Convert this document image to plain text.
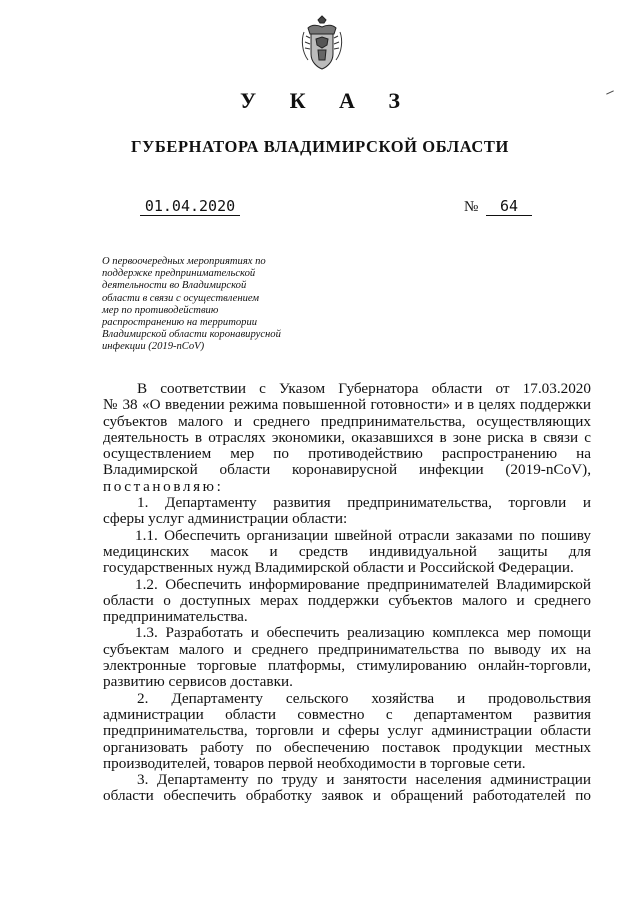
У К А З
ГУБЕРНАТОРА ВЛАДИМИРСКОЙ ОБЛАСТИ
01.04.2020	№ 64
О первоочередных мероприятиях по
поддержке предпринимательской
деятельности во Владимирской
области в связи с осуществлением
мер по противодействию
распространению на территории
Владимирской области коронавирусной
инфекции (2019-nCoV)
В соответствии с Указом Губернатора области от 17.03.2020
№ 38 «О введении режима повышенной готовности» и в целях поддержки
субъектов малого и среднего предпринимательства, осуществляющих
деятельность в отраслях экономики, оказавшихся в зоне риска в связи с
осуществлением мер по противодействию распространению на
Владимирской области коронавирусной инфекции (2019-nCoV),
постановляю:
1. Департаменту развития предпринимательства, торговли и
сферы услуг администрации области:
1.1. Обеспечить организации швейной отрасли заказами по пошиву
медицинских масок и средств индивидуальной защиты для
государственных нужд Владимирской области и Российской Федерации.
1.2. Обеспечить информирование предпринимателей Владимирской
области о доступных мерах поддержки субъектов малого и среднего
предпринимательства.
1.3. Разработать и обеспечить реализацию комплекса мер помощи
субъектам малого и среднего предпринимательства по выводу их на
электронные торговые платформы, стимулированию онлайн-торговли,
развитию сервисов доставки.
2. Департаменту сельского хозяйства и продовольствия
администрации области совместно с департаментом развития
предпринимательства, торговли и сферы услуг администрации области
организовать работу по обеспечению поставок продукции местных
производителей, товаров первой необходимости в торговые сети.
3. Департаменту по труду и занятости населения администрации
области обеспечить обработку заявок и обращений работодателей по
